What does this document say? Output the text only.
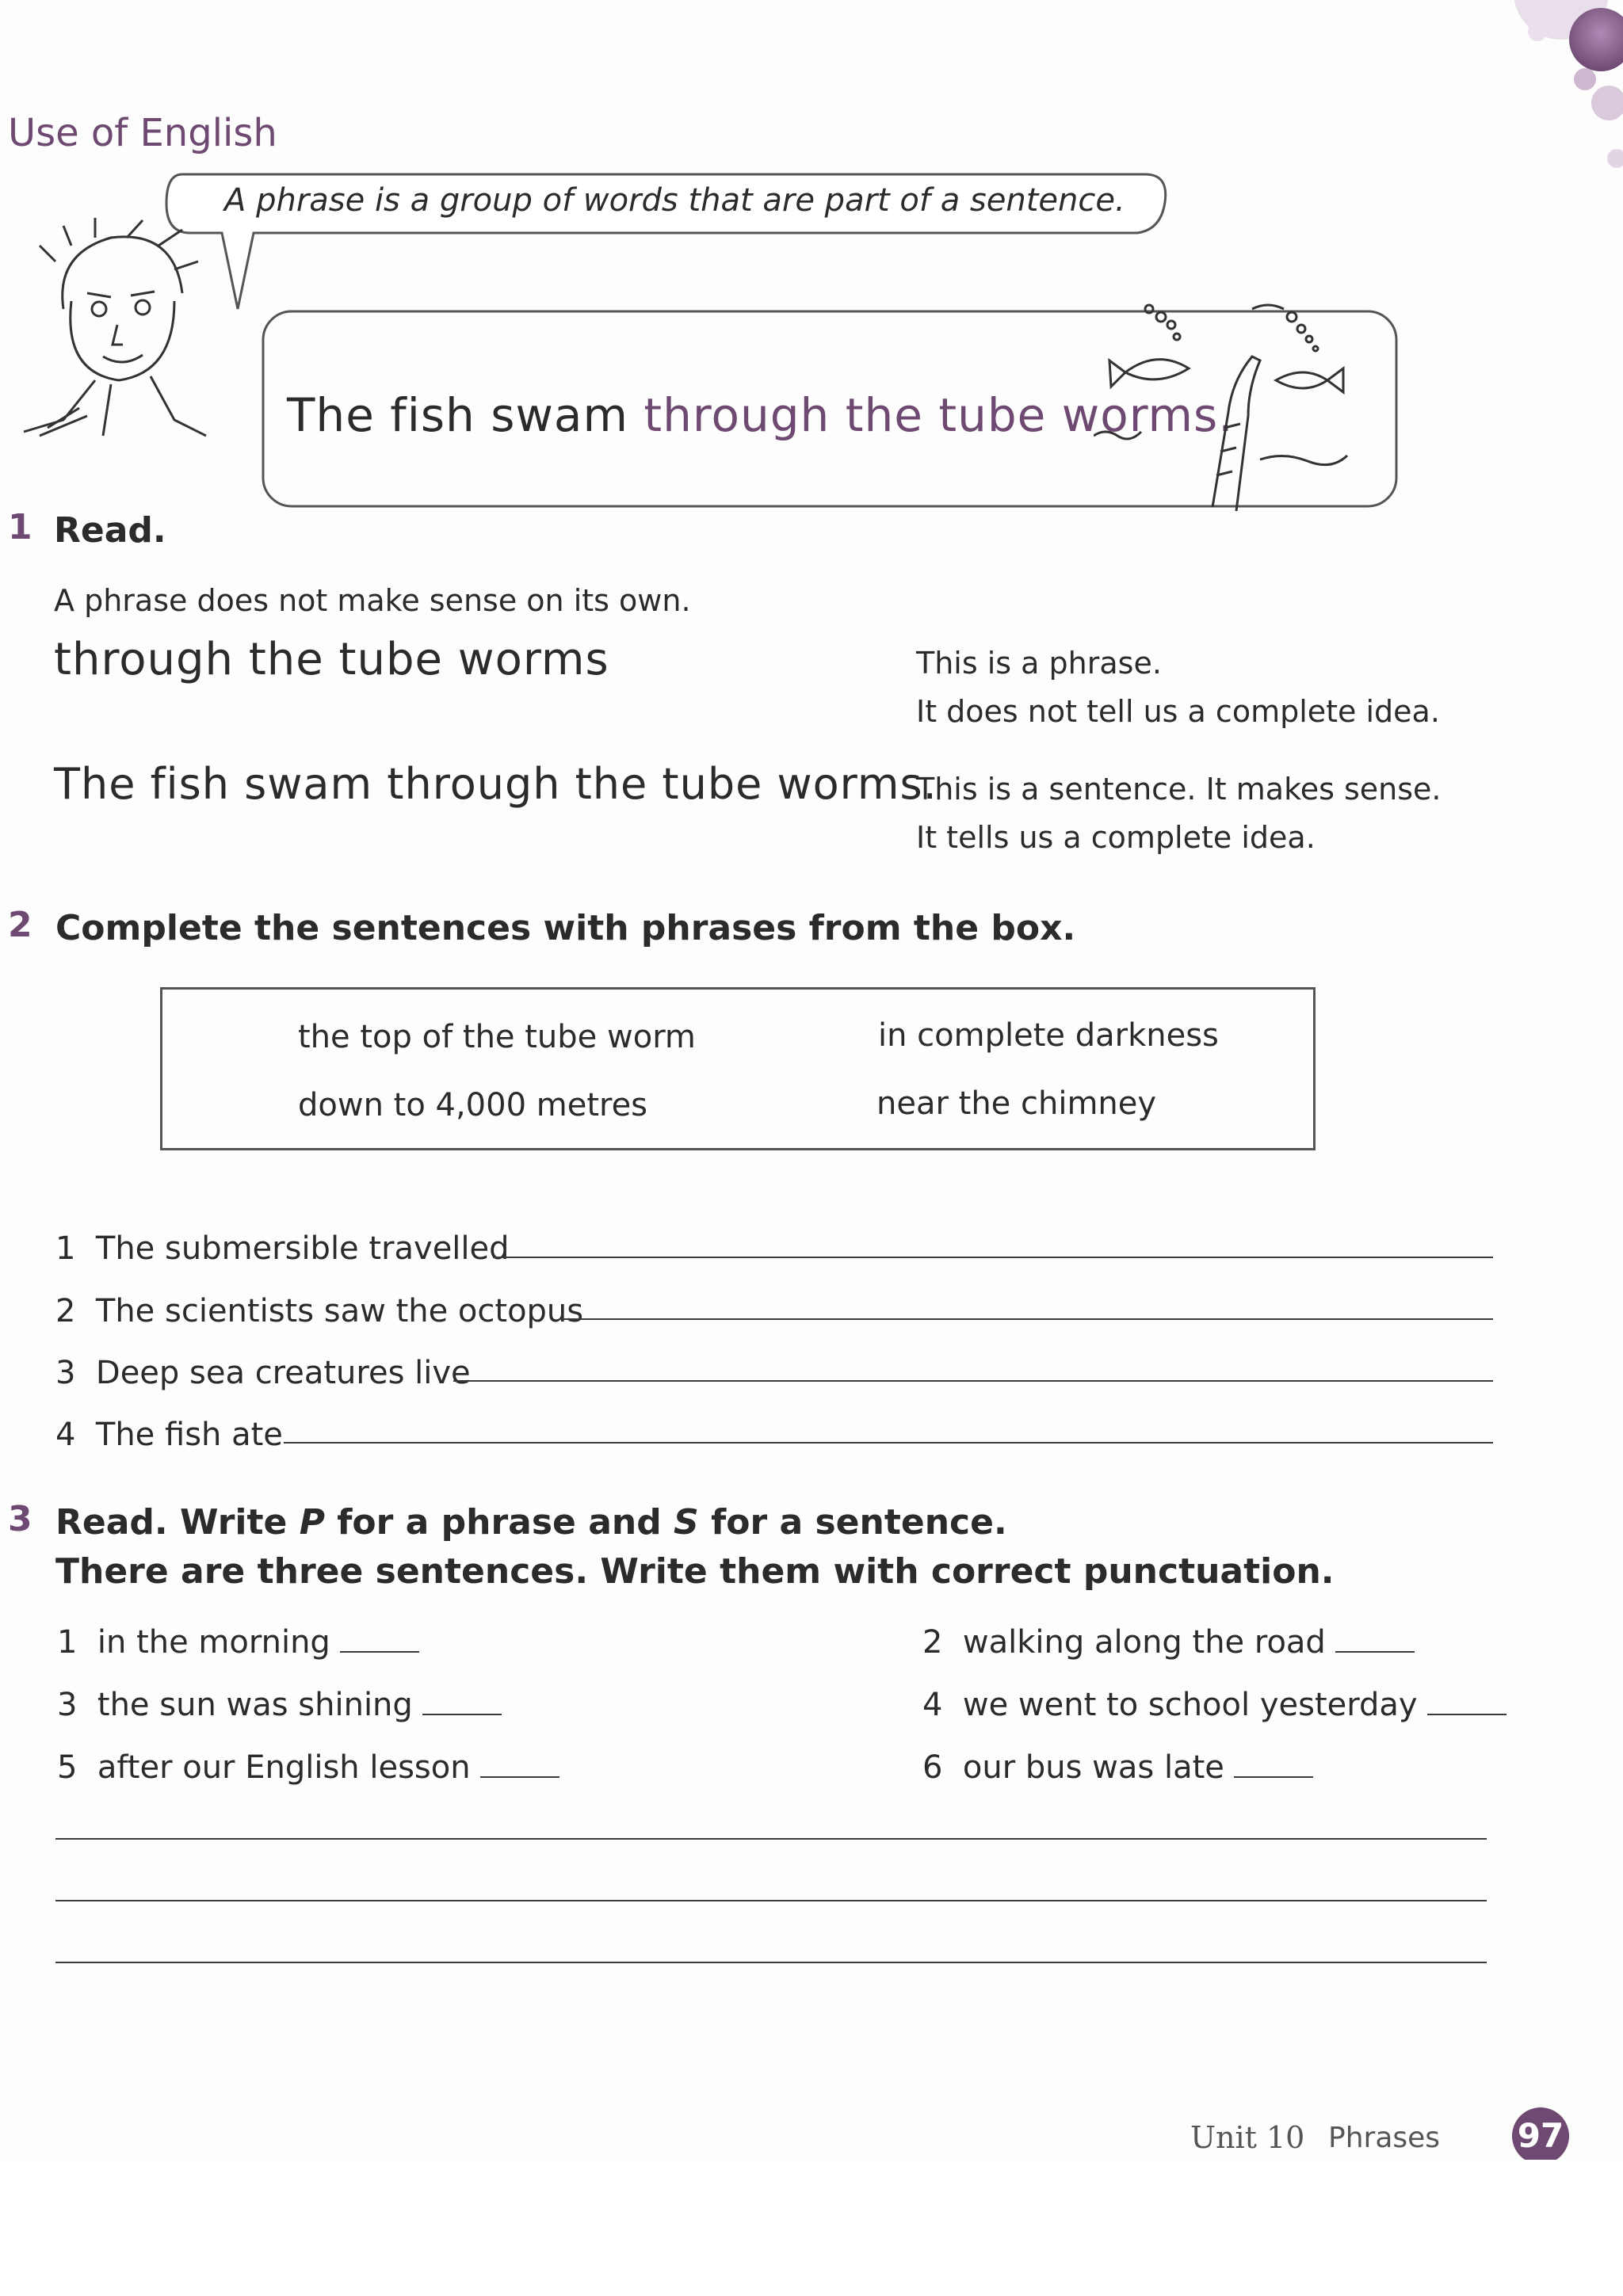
Use of English
A phrase is a group of words that are part of a sentence.
The fish swam through the tube worms.
1 Read.
A phrase does not make sense on its own.
through the tube worms	This is a phrase.
It does not tell us a complete idea.
The fish swam through the tube worms.
This is a sentence. It makes sense.
It tells us a complete idea.
2 Complete the sentences with phrases from the box.
the top of the tube worm	in complete darkness
down to 4,000 metres	near the chimney
1 The submersible travelled
2 The scientists saw the octopus
3 Deep sea creatures live
4 The fish ate
3 Read. Write P for a phrase and S for a sentence.
There are three sentences. Write them with correct punctuation.
1 in the morning	2 walking along the road
3 the sun was shining	4 we went to school yesterday
5 after our English lesson	6 our bus was late
Unit 10 Phrases 97
